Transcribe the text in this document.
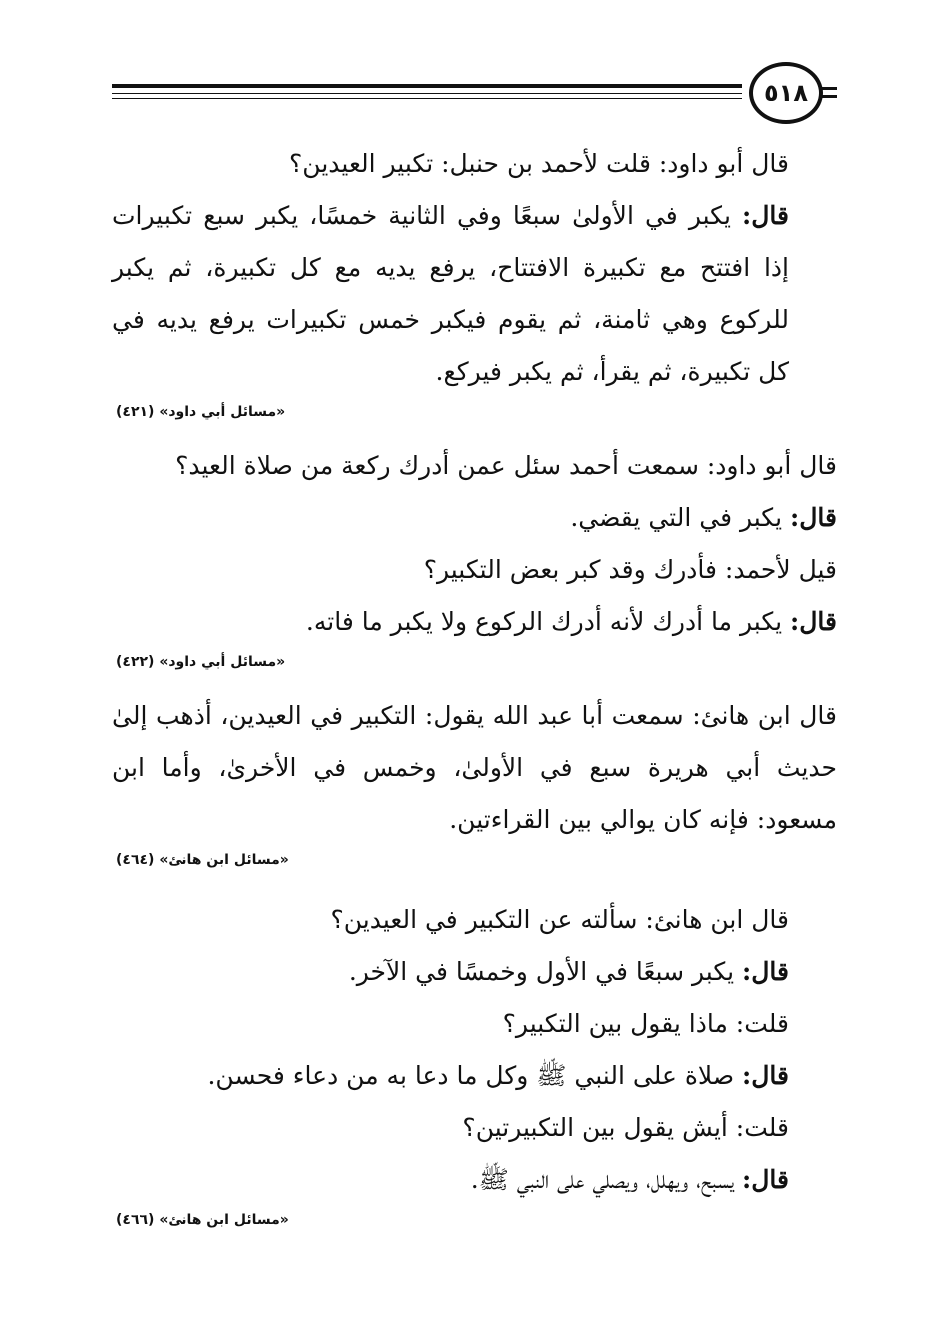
٥١٨

قال أبو داود: قلت لأحمد بن حنبل: تكبير العيدين؟

قال: يكبر في الأولىٰ سبعًا وفي الثانية خمسًا، يكبر سبع تكبيرات إذا افتتح مع تكبيرة الافتتاح، يرفع يديه مع كل تكبيرة، ثم يكبر للركوع وهي ثامنة، ثم يقوم فيكبر خمس تكبيرات يرفع يديه في كل تكبيرة، ثم يقرأ، ثم يكبر فيركع.

«مسائل أبي داود» (٤٢١)

قال أبو داود: سمعت أحمد سئل عمن أدرك ركعة من صلاة العيد؟

قال: يكبر في التي يقضي.

قيل لأحمد: فأدرك وقد كبر بعض التكبير؟

قال: يكبر ما أدرك لأنه أدرك الركوع ولا يكبر ما فاته.

«مسائل أبي داود» (٤٢٢)

قال ابن هانئ: سمعت أبا عبد الله يقول: التكبير في العيدين، أذهب إلىٰ حديث أبي هريرة سبع في الأولىٰ، وخمس في الأخرىٰ، وأما ابن مسعود: فإنه كان يوالي بين القراءتين.

«مسائل ابن هانئ» (٤٦٤)

قال ابن هانئ: سألته عن التكبير في العيدين؟

قال: يكبر سبعًا في الأول وخمسًا في الآخر.

قلت: ماذا يقول بين التكبير؟

قال: صلاة على النبي ﷺ وكل ما دعا به من دعاء فحسن.

قلت: أيش يقول بين التكبيرتين؟

قال: يسبح، ويهلل، ويصلي على النبي ﷺ.

«مسائل ابن هانئ» (٤٦٦)
